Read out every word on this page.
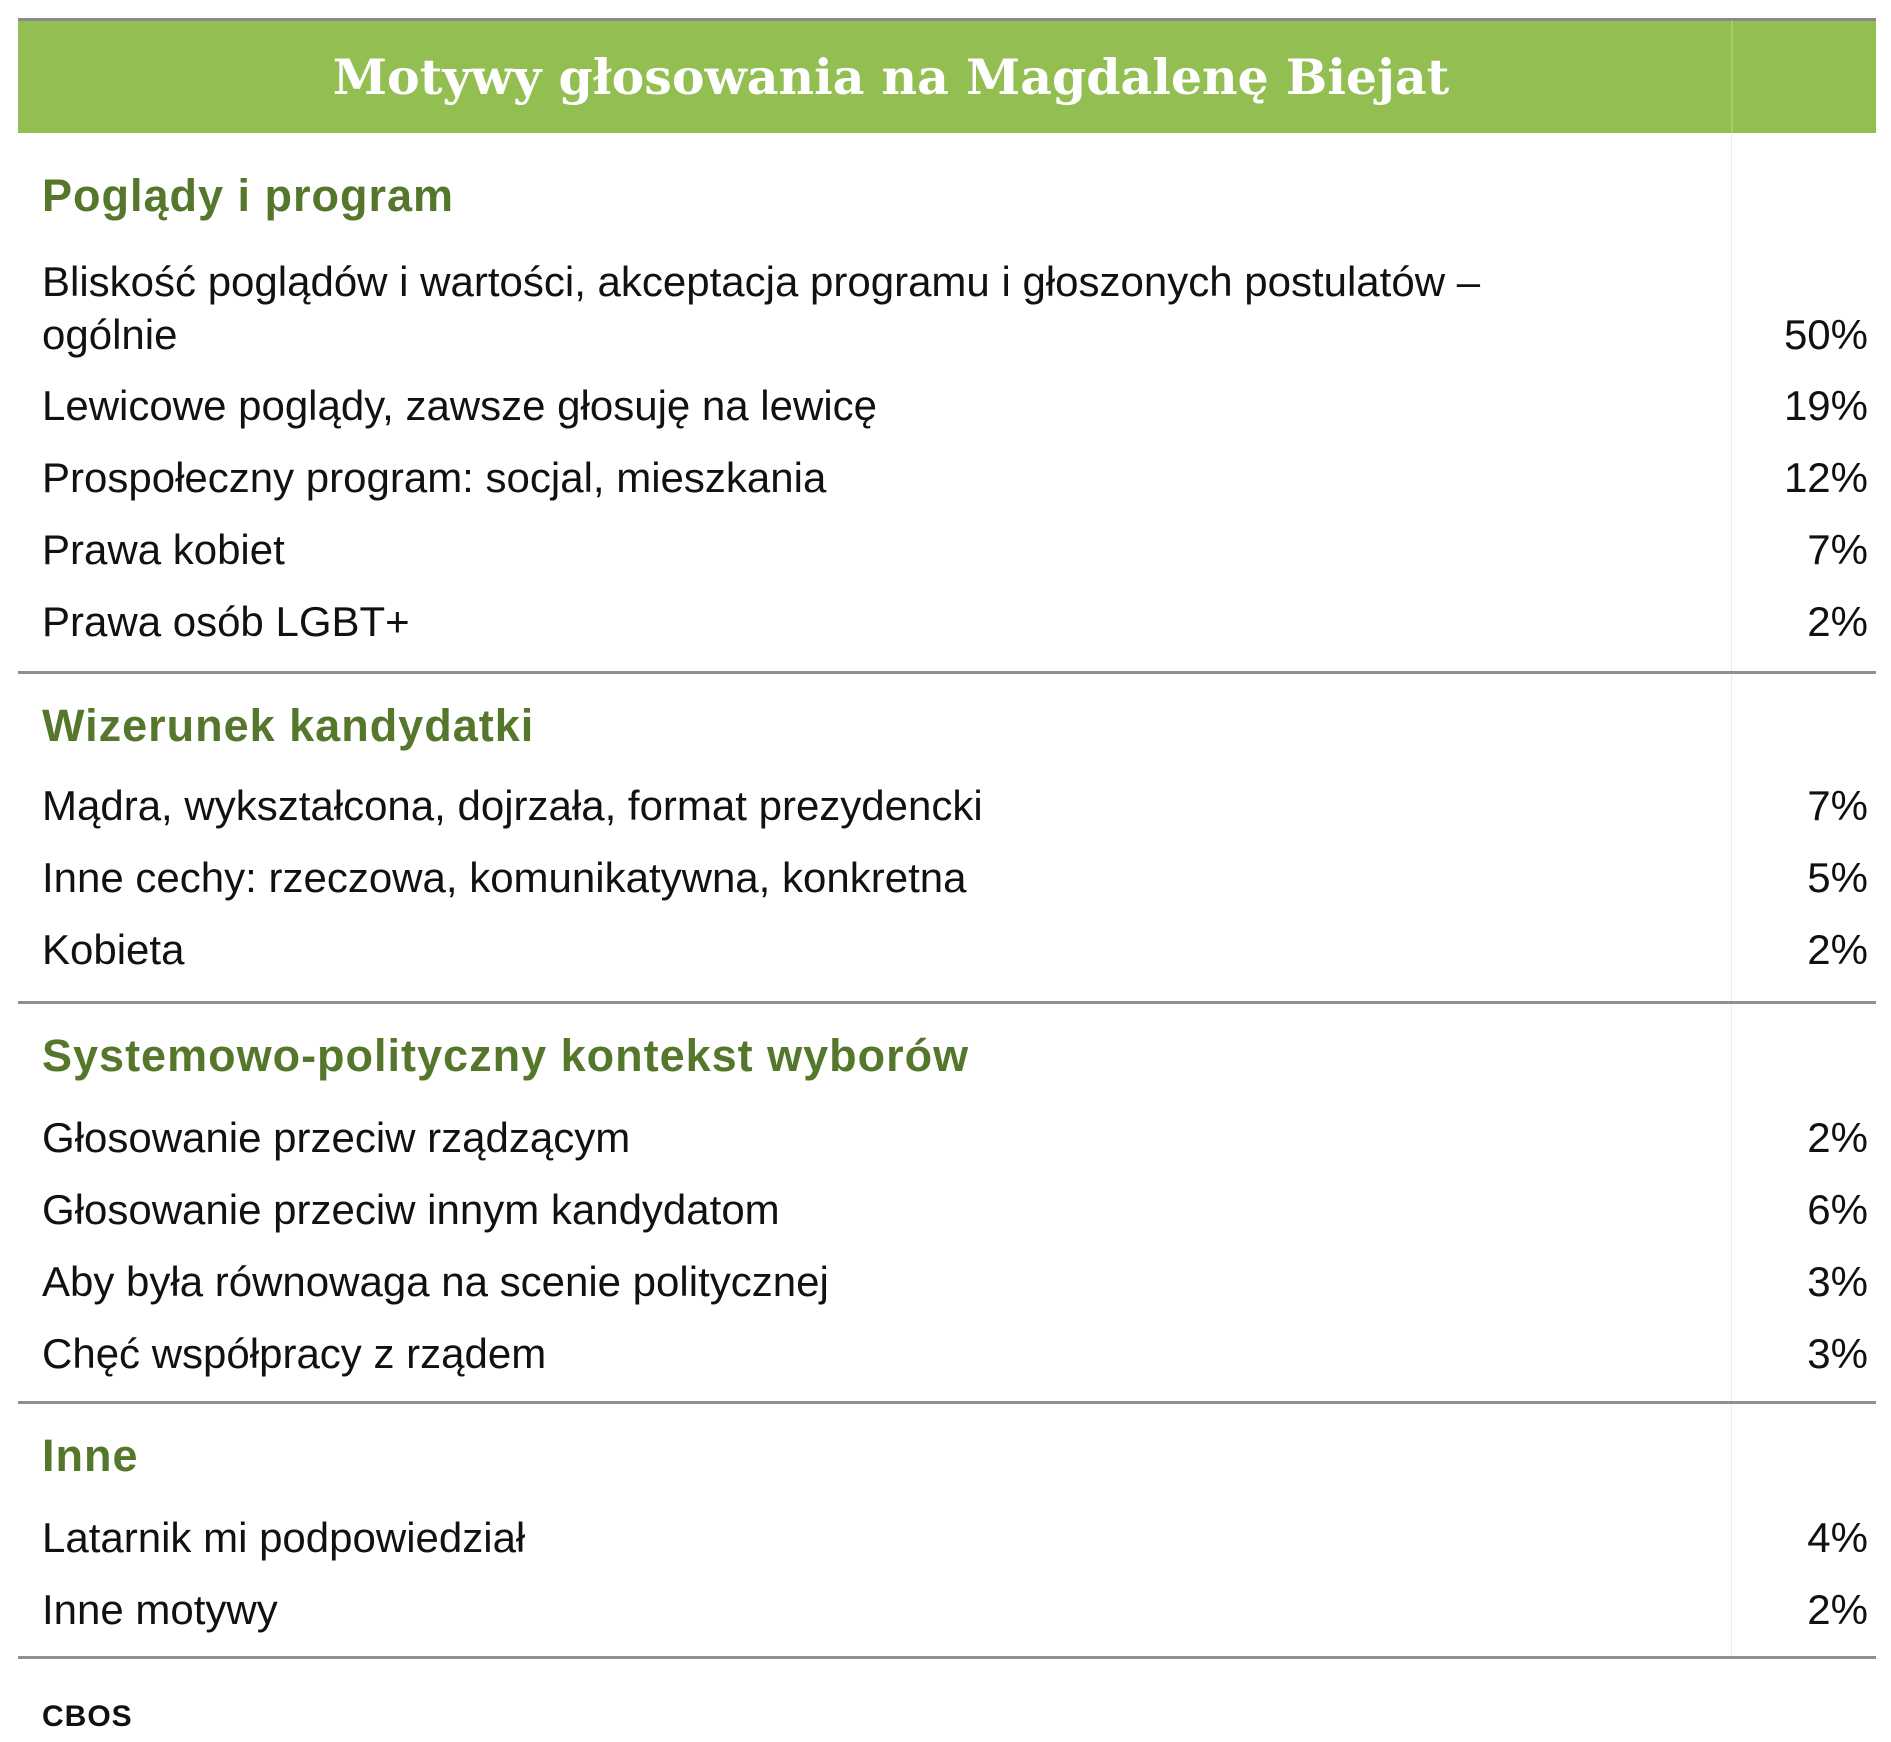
Motywy głosowania na Magdalenę Biejat
Poglądy i program
Bliskość poglądów i wartości, akceptacja programu i głoszonych postulatów –
ogólnie	50%
Lewicowe poglądy, zawsze głosuję na lewicę	19%
Prospołeczny program: socjal, mieszkania	12%
Prawa kobiet	7%
Prawa osób LGBT+	2%
Wizerunek kandydatki
Mądra, wykształcona, dojrzała, format prezydencki	7%
Inne cechy: rzeczowa, komunikatywna, konkretna	5%
Kobieta	2%
Systemowo-polityczny kontekst wyborów
Głosowanie przeciw rządzącym	2%
Głosowanie przeciw innym kandydatom	6%
Aby była równowaga na scenie politycznej	3%
Chęć współpracy z rządem	3%
Inne
Latarnik mi podpowiedział	4%
Inne motywy	2%
CBOS
